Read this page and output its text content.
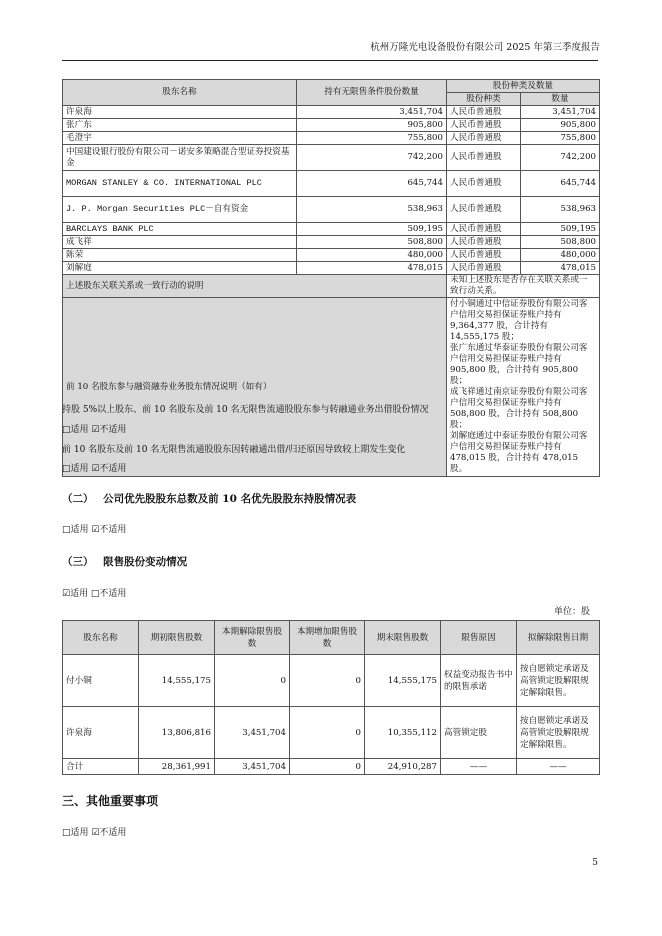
杭州万隆光电设备股份有限公司 2025 年第三季度报告
股东名称	持有无限售条件股份数量	股份种类及数量	
		股份种类	数量
许泉海	3,451,704	人民币普通股	3,451,704
张广东	905,800	人民币普通股	905,800
毛澄宇	755,800	人民币普通股	755,800
中国建设银行股份有限公司－诺安多策略混合型证券投资基金	742,200	人民币普通股	742,200
MORGAN STANLEY & CO. INTERNATIONAL PLC	645,744	人民币普通股	645,744
J. P. Morgan Securities PLC－自有资金	538,963	人民币普通股	538,963
BARCLAYS BANK PLC	509,195	人民币普通股	509,195
成飞祥	508,800	人民币普通股	508,800
陈荣	480,000	人民币普通股	480,000
刘解庭	478,015	人民币普通股	478,015
上述股东关联关系或一致行动的说明		未知上述股东是否存在关联关系或一致行动关系。	
前 10 名股东参与融资融券业务股东情况说明（如有）		付小铜通过中信证券股份有限公司客户信用交易担保证券账户持有 9,364,377 股，合计持有 14,555,175 股；
张广东通过华泰证券股份有限公司客户信用交易担保证券账户持有 905,800 股，合计持有 905,800 股；
成飞祥通过南京证券股份有限公司客户信用交易担保证券账户持有 508,800 股，合计持有 508,800 股；
刘解庭通过中泰证券股份有限公司客户信用交易担保证券账户持有 478,015 股，合计持有 478,015 股。	
持股 5%以上股东、前 10 名股东及前 10 名无限售流通股股东参与转融通业务出借股份情况
□适用 ☑不适用
前 10 名股东及前 10 名无限售流通股股东因转融通出借/归还原因导致较上期发生变化
□适用 ☑不适用
（二） 公司优先股股东总数及前 10 名优先股股东持股情况表
□适用 ☑不适用
（三） 限售股份变动情况
☑适用 □不适用
单位：股
股东名称	期初限售股数	本期解除限售股数	本期增加限售股数	期末限售股数	限售原因	拟解除限售日期
付小铜	14,555,175	0	0	14,555,175	权益变动报告书中的限售承诺	按自愿锁定承诺及高管锁定股解限规定解除限售。
许泉海	13,806,816	3,451,704	0	10,355,112	高管锁定股	按自愿锁定承诺及高管锁定股解限规定解除限售。
合计	28,361,991	3,451,704	0	24,910,287	——	——
三、其他重要事项
□适用 ☑不适用
5
